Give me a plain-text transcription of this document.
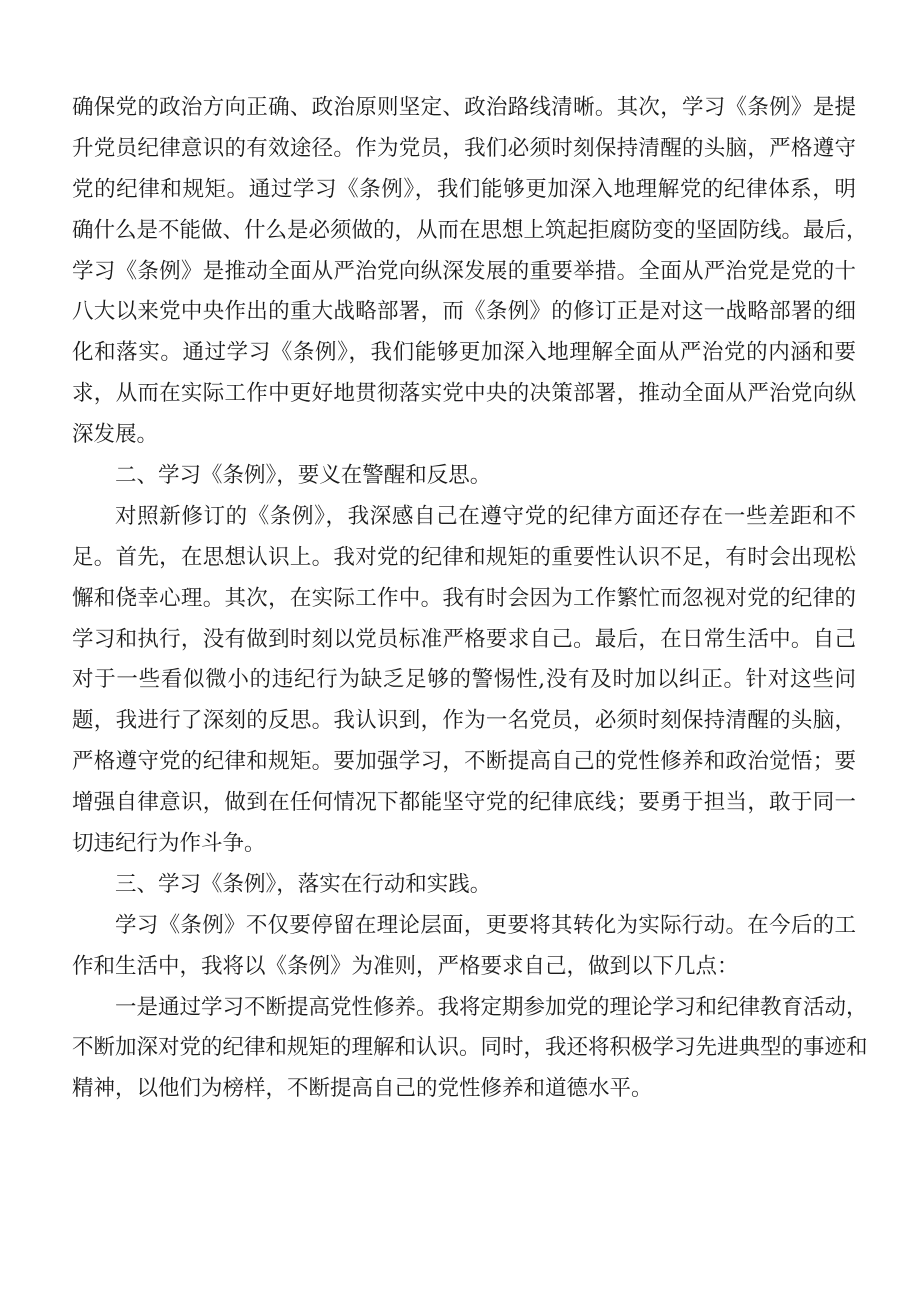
确保党的政治方向正确、政治原则坚定、政治路线清晰。其次，学习《条例》是提
升党员纪律意识的有效途径。作为党员，我们必须时刻保持清醒的头脑，严格遵守
党的纪律和规矩。通过学习《条例》，我们能够更加深入地理解党的纪律体系，明
确什么是不能做、什么是必须做的，从而在思想上筑起拒腐防变的坚固防线。最后，
学习《条例》是推动全面从严治党向纵深发展的重要举措。全面从严治党是党的十
八大以来党中央作出的重大战略部署，而《条例》的修订正是对这一战略部署的细
化和落实。通过学习《条例》，我们能够更加深入地理解全面从严治党的内涵和要
求，从而在实际工作中更好地贯彻落实党中央的决策部署，推动全面从严治党向纵
深发展。
二、学习《条例》，要义在警醒和反思。
对照新修订的《条例》，我深感自己在遵守党的纪律方面还存在一些差距和不
足。首先，在思想认识上。我对党的纪律和规矩的重要性认识不足，有时会出现松
懈和侥幸心理。其次，在实际工作中。我有时会因为工作繁忙而忽视对党的纪律的
学习和执行，没有做到时刻以党员标准严格要求自己。最后，在日常生活中。自己
对于一些看似微小的违纪行为缺乏足够的警惕性,没有及时加以纠正。针对这些问
题，我进行了深刻的反思。我认识到，作为一名党员，必须时刻保持清醒的头脑，
严格遵守党的纪律和规矩。要加强学习，不断提高自己的党性修养和政治觉悟；要
增强自律意识，做到在任何情况下都能坚守党的纪律底线；要勇于担当，敢于同一
切违纪行为作斗争。
三、学习《条例》，落实在行动和实践。
学习《条例》不仅要停留在理论层面，更要将其转化为实际行动。在今后的工
作和生活中，我将以《条例》为准则，严格要求自己，做到以下几点：
一是通过学习不断提高党性修养。我将定期参加党的理论学习和纪律教育活动，
不断加深对党的纪律和规矩的理解和认识。同时，我还将积极学习先进典型的事迹和
精神，以他们为榜样，不断提高自己的党性修养和道德水平。
